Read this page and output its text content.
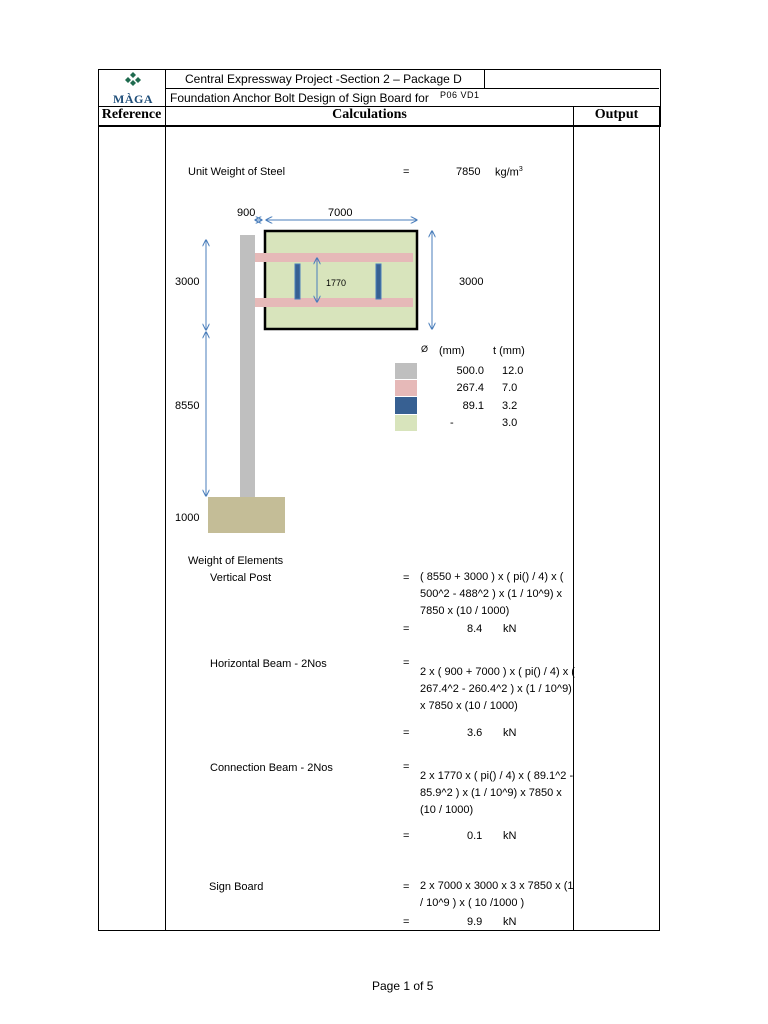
MÀGA
Central Expressway Project -Section 2 – Package D
Foundation Anchor Bolt Design of Sign Board for P06 VD1
Reference	Calculations	Output
Unit Weight of Steel	=	7850 $kg/m^3$
900	7000
3000	3000
1770
8550
1000
Ø (mm)	t (mm)
500.0 12.0
267.4 7.0
89.1 3.2
-	3.0
Weight of Elements
Vertical Post	= ( 8550 + 3000 ) x ( pi() / 4) x ( 500^2 - 488^2 ) x (1 / 10^9) x 7850 x (10 / 1000)
=	8.4 kN
Horizontal Beam - 2Nos	=
2 x ( 900 + 7000 ) x ( pi() / 4) x ( 267.4^2 - 260.4^2 ) x (1 / 10^9) x 7850 x (10 / 1000)
=	3.6 kN
Connection Beam - 2Nos	=
2 x 1770 x ( pi() / 4) x ( 89.1^2 - 85.9^2 ) x (1 / 10^9) x 7850 x (10 / 1000)
=	0.1 kN
Sign Board	= 2 x 7000 x 3000 x 3 x 7850 x (1 / 10^9 ) x ( 10 /1000 )
=	9.9 kN
Page 1 of 5
